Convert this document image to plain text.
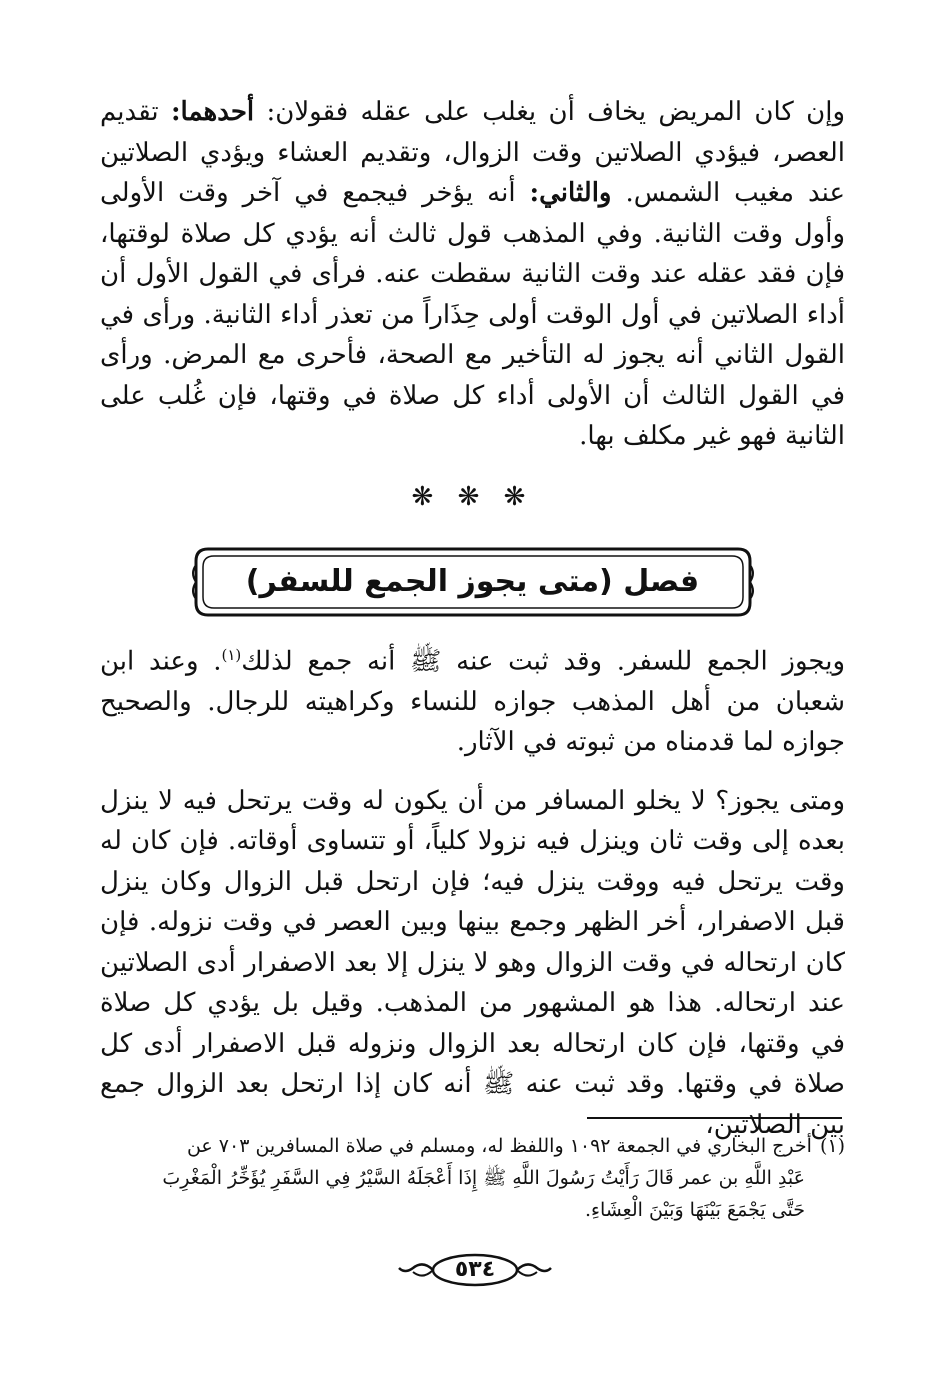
وإن كان المريض يخاف أن يغلب على عقله فقولان: أحدهما: تقديم العصر، فيؤدي الصلاتين وقت الزوال، وتقديم العشاء ويؤدي الصلاتين عند مغيب الشمس. والثاني: أنه يؤخر فيجمع في آخر وقت الأولى وأول وقت الثانية. وفي المذهب قول ثالث أنه يؤدي كل صلاة لوقتها، فإن فقد عقله عند وقت الثانية سقطت عنه. فرأى في القول الأول أن أداء الصلاتين في أول الوقت أولى حِذَاراً من تعذر أداء الثانية. ورأى في القول الثاني أنه يجوز له التأخير مع الصحة، فأحرى مع المرض. ورأى في القول الثالث أن الأولى أداء كل صلاة في وقتها، فإن غُلب على الثانية فهو غير مكلف بها.

❋ ❋ ❋
فصل (متى يجوز الجمع للسفر)

ويجوز الجمع للسفر. وقد ثبت عنه ﷺ أنه جمع لذلك$^{(١)}$. وعند ابن شعبان من أهل المذهب جوازه للنساء وكراهيته للرجال. والصحيح جوازه لما قدمناه من ثبوته في الآثار.

ومتى يجوز؟ لا يخلو المسافر من أن يكون له وقت يرتحل فيه لا ينزل بعده إلى وقت ثان وينزل فيه نزولا كلياً، أو تتساوى أوقاته. فإن كان له وقت يرتحل فيه ووقت ينزل فيه؛ فإن ارتحل قبل الزوال وكان ينزل قبل الاصفرار، أخر الظهر وجمع بينها وبين العصر في وقت نزوله. فإن كان ارتحاله في وقت الزوال وهو لا ينزل إلا بعد الاصفرار أدى الصلاتين عند ارتحاله. هذا هو المشهور من المذهب. وقيل بل يؤدي كل صلاة في وقتها، فإن كان ارتحاله بعد الزوال ونزوله قبل الاصفرار أدى كل صلاة في وقتها. وقد ثبت عنه ﷺ أنه كان إذا ارتحل بعد الزوال جمع بين الصلاتين،

(١)أخرج البخاري في الجمعة ١٠٩٢ واللفظ له، ومسلم في صلاة المسافرين ٧٠٣ عن
عَبْدِ اللَّهِ بن عمر قَالَ رَأَيْتُ رَسُولَ اللَّهِ ﷺ إِذَا أَعْجَلَهُ السَّيْرُ فِي السَّفَرِ يُؤَخِّرُ الْمَغْرِبَ
حَتَّى يَجْمَعَ بَيْنَهَا وَبَيْنَ الْعِشَاءِ.
٥٣٤
